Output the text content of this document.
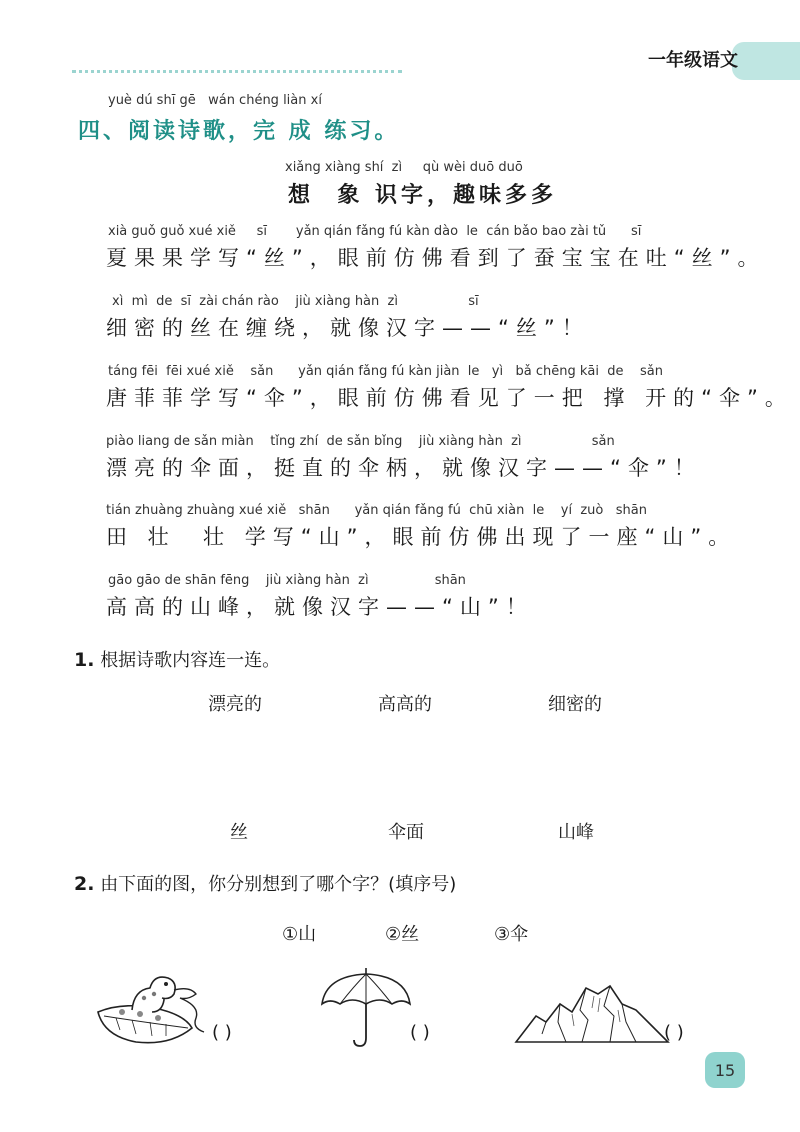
一年级语文
yuè dú shī gē   wán chéng liàn xí
四、阅读诗歌，完 成 练习。
xiǎng xiàng shí  zì     qù wèi duō duō
想  象 识字，趣味多多
xià guǒ guǒ xué xiě     sī       yǎn qián fǎng fú kàn dào  le  cán bǎo bao zài tǔ      sī
夏果果学写“丝”，眼前仿佛看到了蚕宝宝在吐“丝”。
xì  mì  de  sī  zài chán rào    jiù xiàng hàn  zì                 sī
细密的丝在缠绕，就像汉字——“丝”！
táng fēi  fēi xué xiě    sǎn      yǎn qián fǎng fú kàn jiàn  le   yì   bǎ chēng kāi  de    sǎn
唐菲菲学写“伞”，眼前仿佛看见了一把 撑 开的“伞”。
piào liang de sǎn miàn    tǐng zhí  de sǎn bǐng    jiù xiàng hàn  zì                 sǎn
漂亮的伞面，挺直的伞柄，就像汉字——“伞”！
tián zhuàng zhuàng xué xiě   shān      yǎn qián fǎng fú  chū xiàn  le    yí  zuò   shān
田 壮  壮 学写“山”，眼前仿佛出现了一座“山”。
gāo gāo de shān fēng    jiù xiàng hàn  zì                shān
高高的山峰，就像汉字——“山”！
1. 根据诗歌内容连一连。
漂亮的	高高的	细密的
丝	伞面	山峰
2. 由下面的图，你分别想到了哪个字？(填序号)
①山	②丝	③伞
( )	( )	( )
15
